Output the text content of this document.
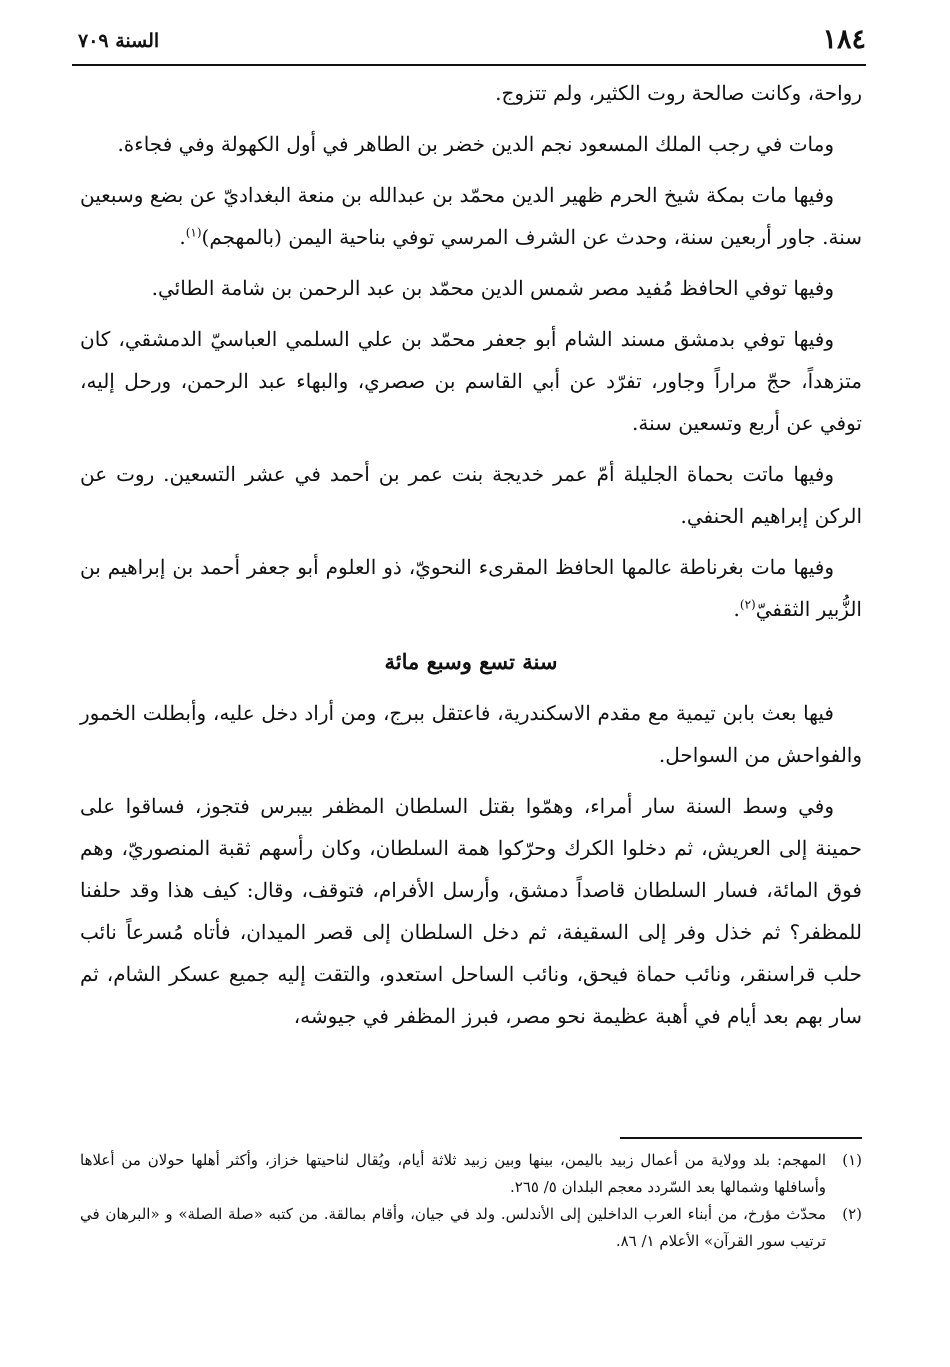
١٨٤
السنة ٧٠٩

رواحة، وكانت صالحة روت الكثير، ولم تتزوج.

ومات في رجب الملك المسعود نجم الدين خضر بن الطاهر في أول الكهولة وفي فجاءة.

وفيها مات بمكة شيخ الحرم ظهير الدين محمّد بن عبدالله بن منعة البغداديّ عن بضع وسبعين سنة. جاور أربعين سنة، وحدث عن الشرف المرسي توفي بناحية اليمن (بالمهجم)$^{(١)}$.

وفيها توفي الحافظ مُفيد مصر شمس الدين محمّد بن عبد الرحمن بن شامة الطائي.

وفيها توفي بدمشق مسند الشام أبو جعفر محمّد بن علي السلمي العباسيّ الدمشقي، كان متزهداً، حجّ مراراً وجاور، تفرّد عن أبي القاسم بن صصري، والبهاء عبد الرحمن، ورحل إليه، توفي عن أربع وتسعين سنة.

وفيها ماتت بحماة الجليلة أمّ عمر خديجة بنت عمر بن أحمد في عشر التسعين. روت عن الركن إبراهيم الحنفي.

وفيها مات بغرناطة عالمها الحافظ المقرىء النحويّ، ذو العلوم أبو جعفر أحمد بن إبراهيم بن الزُّبير الثقفيّ$^{(٢)}$.

سنة تسع وسبع مائة

فيها بعث بابن تيمية مع مقدم الاسكندرية، فاعتقل ببرج، ومن أراد دخل عليه، وأبطلت الخمور والفواحش من السواحل.

وفي وسط السنة سار أمراء، وهمّوا بقتل السلطان المظفر بيبرس فتجوز، فساقوا على حمينة إلى العريش، ثم دخلوا الكرك وحرّكوا همة السلطان، وكان رأسهم ثقبة المنصوريّ، وهم فوق المائة، فسار السلطان قاصداً دمشق، وأرسل الأفرام، فتوقف، وقال: كيف هذا وقد حلفنا للمظفر؟ ثم خذل وفر إلى السقيفة، ثم دخل السلطان إلى قصر الميدان، فأتاه مُسرعاً نائب حلب قراسنقر، ونائب حماة فيحق، ونائب الساحل استعدو، والتقت إليه جميع عسكر الشام، ثم سار بهم بعد أيام في أهبة عظيمة نحو مصر، فبرز المظفر في جيوشه،

(١)
المهجم: بلد وولاية من أعمال زبيد باليمن، بينها وبين زبيد ثلاثة أيام، ويُقال لناحيتها خزاز، وأكثر أهلها حولان من أعلاها وأسافلها وشمالها بعد السّردد معجم البلدان ٥/ ٢٦٥.
(٢)
محدّث مؤرخ، من أبناء العرب الداخلين إلى الأندلس. ولد في جيان، وأقام بمالقة. من كتبه «صلة الصلة» و «البرهان في ترتيب سور القرآن» الأعلام ١/ ٨٦.
